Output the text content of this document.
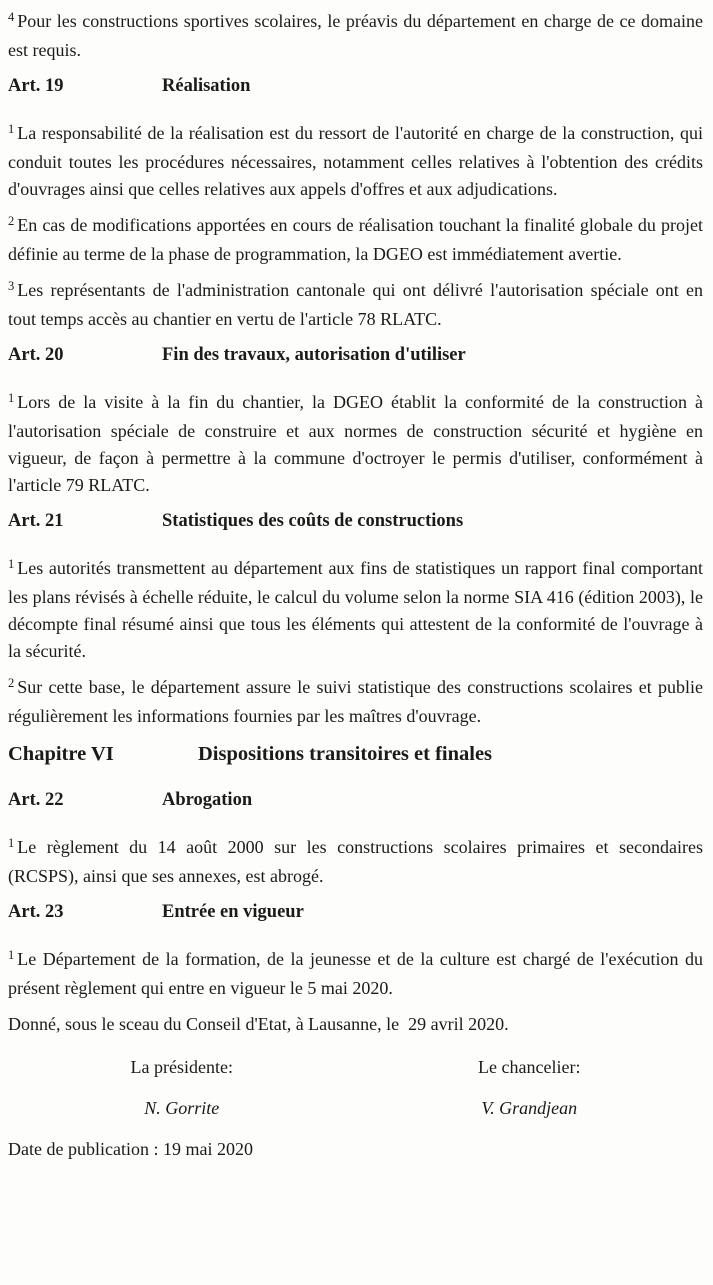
$^4$ Pour les constructions sportives scolaires, le préavis du département en charge de ce domaine est requis.

Art. 19	Réalisation

$^1$ La responsabilité de la réalisation est du ressort de l'autorité en charge de la construction, qui conduit toutes les procédures nécessaires, notamment celles relatives à l'obtention des crédits d'ouvrages ainsi que celles relatives aux appels d'offres et aux adjudications.

$^2$ En cas de modifications apportées en cours de réalisation touchant la finalité globale du projet définie au terme de la phase de programmation, la DGEO est immédiatement avertie.

$^3$ Les représentants de l'administration cantonale qui ont délivré l'autorisation spéciale ont en tout temps accès au chantier en vertu de l'article 78 RLATC.

Art. 20	Fin des travaux, autorisation d'utiliser

$^1$ Lors de la visite à la fin du chantier, la DGEO établit la conformité de la construction à l'autorisation spéciale de construire et aux normes de construction sécurité et hygiène en vigueur, de façon à permettre à la commune d'octroyer le permis d'utiliser, conformément à l'article 79 RLATC.

Art. 21	Statistiques des coûts de constructions

$^1$ Les autorités transmettent au département aux fins de statistiques un rapport final comportant les plans révisés à échelle réduite, le calcul du volume selon la norme SIA 416 (édition 2003), le décompte final résumé ainsi que tous les éléments qui attestent de la conformité de l'ouvrage à la sécurité.

$^2$ Sur cette base, le département assure le suivi statistique des constructions scolaires et publie régulièrement les informations fournies par les maîtres d'ouvrage.

Chapitre VI	Dispositions transitoires et finales
Art. 22	Abrogation

$^1$ Le règlement du 14 août 2000 sur les constructions scolaires primaires et secondaires (RCSPS), ainsi que ses annexes, est abrogé.

Art. 23	Entrée en vigueur

$^1$ Le Département de la formation, de la jeunesse et de la culture est chargé de l'exécution du présent règlement qui entre en vigueur le 5 mai 2020.

Donné, sous le sceau du Conseil d'Etat, à Lausanne, le  29 avril 2020.

La présidente:	Le chancelier:
N. Gorrite	V. Grandjean

Date de publication : 19 mai 2020
